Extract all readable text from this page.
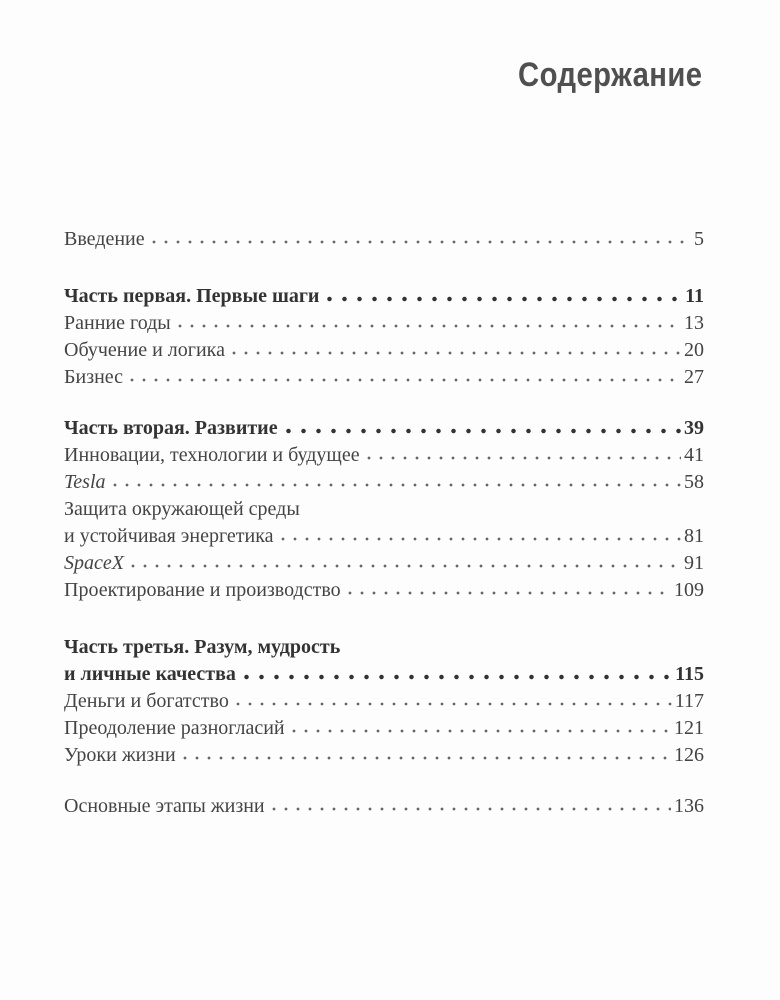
Содержание
Введение	5
Часть первая. Первые шаги	11
Ранние годы	13
Обучение и логика	20
Бизнес	27
Часть вторая. Развитие	39
Инновации, технологии и будущее	41
Tesla	58
Защита окружающей среды
и устойчивая энергетика	81
SpaceX	91
Проектирование и производство	109
Часть третья. Разум, мудрость
и личные качества	115
Деньги и богатство	117
Преодоление разногласий	121
Уроки жизни	126
Основные этапы жизни	136
